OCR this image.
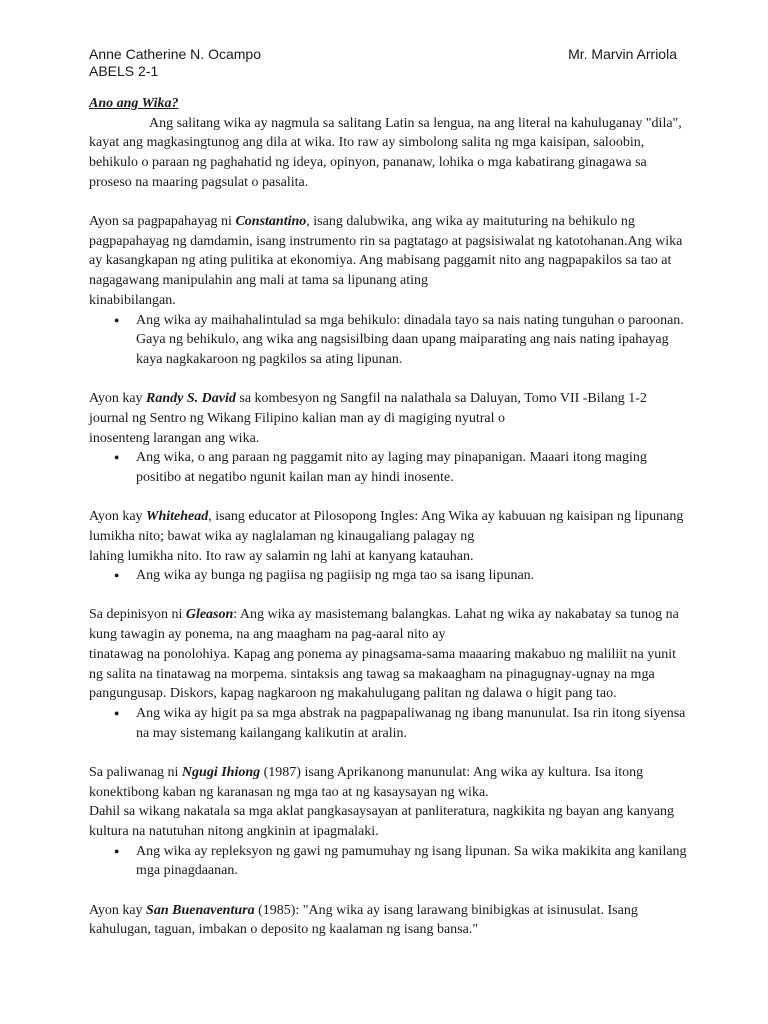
Anne Catherine N. Ocampo
ABELS 2-1
Mr. Marvin Arriola

Ano ang Wika?

Ang salitang wika ay nagmula sa salitang Latin sa lengua, na ang literal na kahuluganay "dila", kayat ang magkasingtunog ang dila at wika. Ito raw ay simbolong salita ng mga kaisipan, saloobin, behikulo o paraan ng paghahatid ng ideya, opinyon, pananaw, lohika o mga kabatirang ginagawa sa proseso na maaring pagsulat o pasalita.

Ayon sa pagpapahayag ni Constantino, isang dalubwika, ang wika ay maituturing na behikulo ng pagpapahayag ng damdamin, isang instrumento rin sa pagtatago at pagsisiwalat ng katotohanan.Ang wika ay kasangkapan ng ating pulitika at ekonomiya. Ang mabisang paggamit nito ang nagpapakilos sa tao at nagagawang manipulahin ang mali at tama sa lipunang ating

kinabibilangan.

● Ang wika ay maihahalintulad sa mga behikulo: dinadala tayo sa nais nating tunguhan o paroonan. Gaya ng behikulo, ang wika ang nagsisilbing daan upang maiparating ang nais nating ipahayag kaya nagkakaroon ng pagkilos sa ating lipunan.

Ayon kay Randy S. David sa kombesyon ng Sangfil na nalathala sa Daluyan, Tomo VII -Bilang 1-2 journal ng Sentro ng Wikang Filipino kalian man ay di magiging nyutral o

inosenteng larangan ang wika.

● Ang wika, o ang paraan ng paggamit nito ay laging may pinapanigan. Maaari itong maging positibo at negatibo ngunit kailan man ay hindi inosente.

Ayon kay Whitehead, isang educator at Pilosopong Ingles: Ang Wika ay kabuuan ng kaisipan ng lipunang lumikha nito; bawat wika ay naglalaman ng kinaugaliang palagay ng

lahing lumikha nito. Ito raw ay salamin ng lahi at kanyang katauhan.

● Ang wika ay bunga ng pagiisa ng pagiisip ng mga tao sa isang lipunan.

Sa depinisyon ni Gleason: Ang wika ay masistemang balangkas. Lahat ng wika ay nakabatay sa tunog na kung tawagin ay ponema, na ang maagham na pag-aaral nito ay

tinatawag na ponolohiya. Kapag ang ponema ay pinagsama-sama maaaring makabuo ng maliliit na yunit ng salita na tinatawag na morpema. sintaksis ang tawag sa makaagham na pinagugnay-ugnay na mga pangungusap. Diskors, kapag nagkaroon ng makahulugang palitan ng dalawa o higit pang tao.

● Ang wika ay higit pa sa mga abstrak na pagpapaliwanag ng ibang manunulat. Isa rin itong siyensa na may sistemang kailangang kalikutin at aralin.

Sa paliwanag ni Ngugi Ihiong (1987) isang Aprikanong manunulat: Ang wika ay kultura. Isa itong konektibong kaban ng karanasan ng mga tao at ng kasaysayan ng wika.

Dahil sa wikang nakatala sa mga aklat pangkasaysayan at panliteratura, nagkikita ng bayan ang kanyang kultura na natutuhan nitong angkinin at ipagmalaki.

● Ang wika ay repleksyon ng gawi ng pamumuhay ng isang lipunan. Sa wika makikita ang kanilang mga pinagdaanan.

Ayon kay San Buenaventura (1985): "Ang wika ay isang larawang binibigkas at isinusulat. Isang kahulugan, taguan, imbakan o deposito ng kaalaman ng isang bansa."
